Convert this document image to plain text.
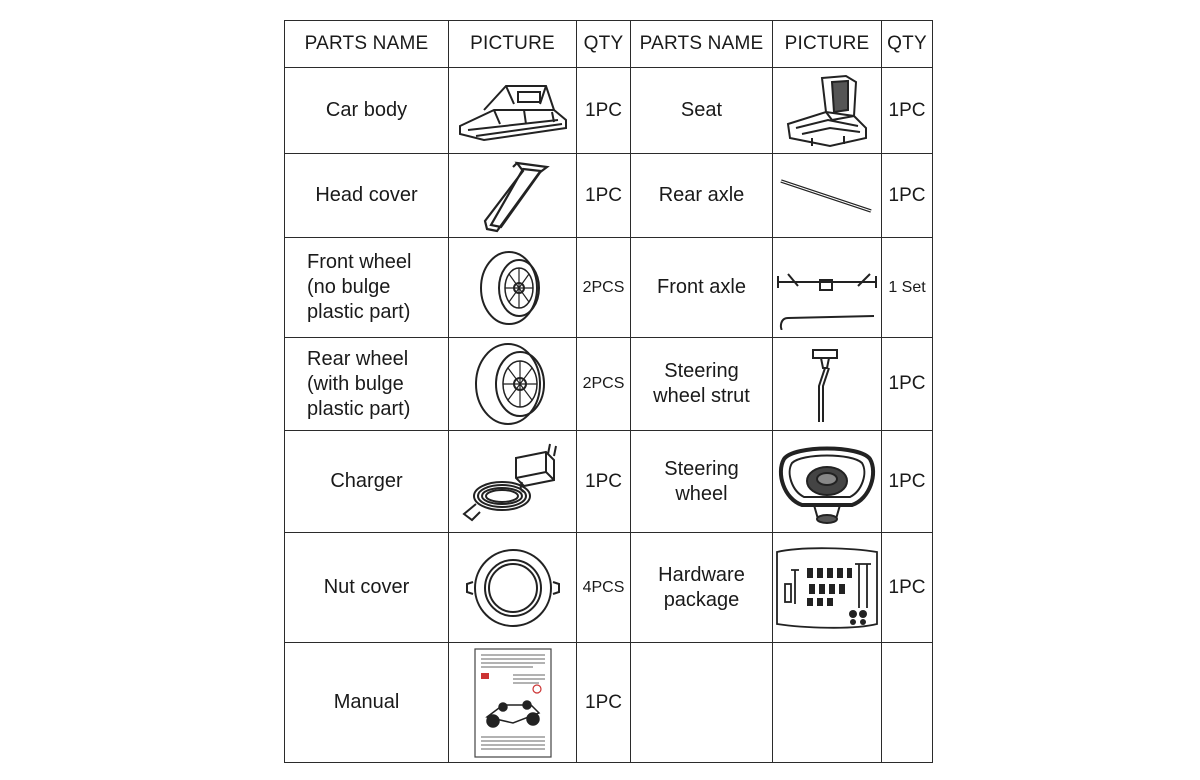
PARTS NAME	PICTURE	QTY	PARTS NAME	PICTURE	QTY
Car body		1PC	Seat		1PC
Head cover		1PC	Rear axle		1PC
Front wheel
(no bulge
plastic part)		2PCS	Front axle		1 Set
Rear wheel
(with bulge
plastic part)		2PCS	Steering
wheel strut		1PC
Charger		1PC	Steering
wheel		1PC
Nut cover		4PCS	Hardware
package		1PC
Manual		1PC			
